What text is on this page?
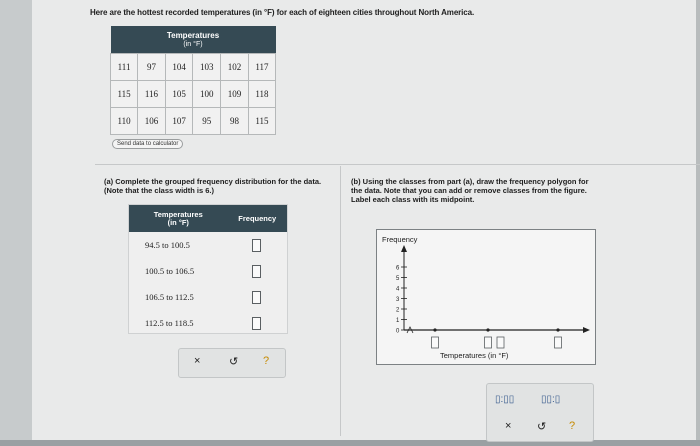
Here are the hottest recorded temperatures (in °F) for each of eighteen cities throughout North America.
Temperatures
(in °F)					

111	97	104	103	102	117
115	116	105	100	109	118
110	106	107	95	98	115
Send data to calculator
(a) Complete the grouped frequency distribution for the data. (Note that the class width is 6.)
(b) Using the classes from part (a), draw the frequency polygon for the data. Note that you can add or remove classes from the figure. Label each class with its midpoint.
Temperatures
(in °F)	Frequency
94.5 to 100.5	
100.5 to 106.5	
106.5 to 112.5	
112.5 to 118.5	
×	↺ ?
6
5
4
3
2
1
0
Frequency
Temperatures (in °F)
▯:▯▯	▯▯:▯
× ↺ ?
